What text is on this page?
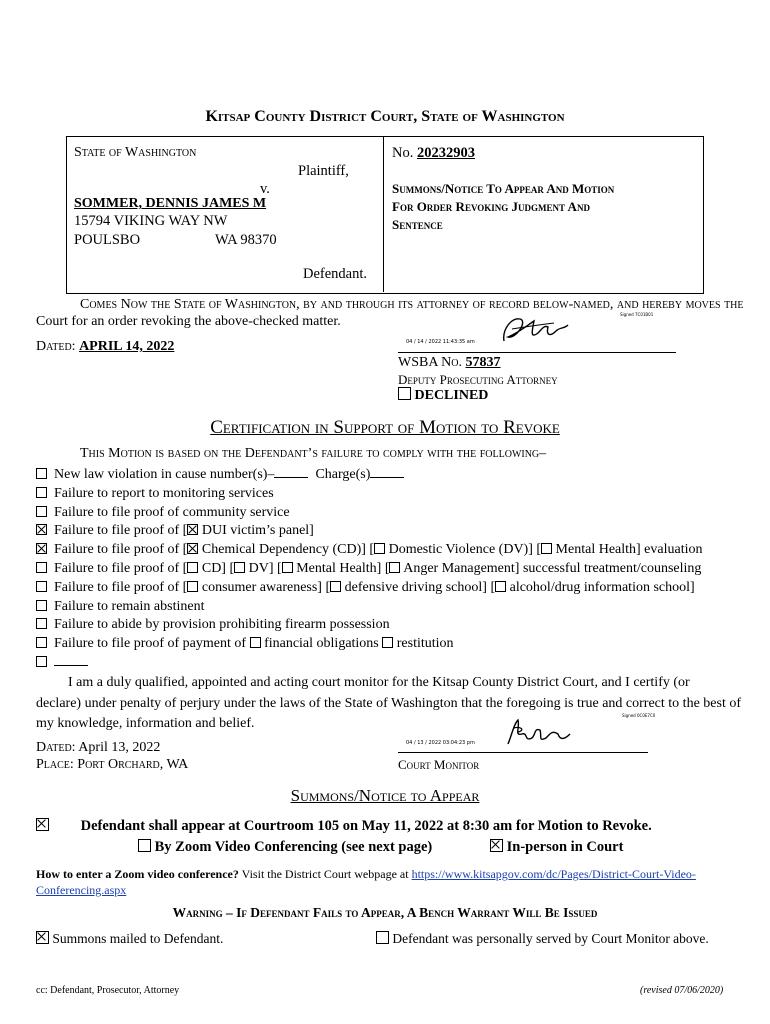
Kitsap County District Court, State of Washington
State of Washington
Plaintiff,
v.
SOMMER, DENNIS JAMES M
15794 VIKING WAY NW
POULSBO	WA 98370
Defendant.
No. 20232903
Summons/Notice To Appear And Motion
For Order Revoking Judgment And
Sentence
Comes Now the State of Washington, by and through its attorney of record below-named, and hereby moves the
Court for an order revoking the above-checked matter.
Dated: APRIL 14, 2022	04 / 14 / 2022 11:43:35 am
Signed 7C01B01
WSBA No. 57837
Deputy Prosecuting Attorney
DECLINED
Certification in Support of Motion to Revoke
This Motion is based on the Defendant’s failure to comply with the following–
New law violation in cause number(s)–  Charge(s)
Failure to report to monitoring services
Failure to file proof of community service
Failure to file proof of [ DUI victim’s panel]
Failure to file proof of [ Chemical Dependency (CD)] [ Domestic Violence (DV)] [ Mental Health] evaluation
Failure to file proof of [ CD] [ DV] [ Mental Health] [ Anger Management] successful treatment/counseling
Failure to file proof of [ consumer awareness] [ defensive driving school] [ alcohol/drug information school]
Failure to remain abstinent
Failure to abide by provision prohibiting firearm possession
Failure to file proof of payment of  financial obligations  restitution

I am a duly qualified, appointed and acting court monitor for the Kitsap County District Court, and I certify (or
declare) under penalty of perjury under the laws of the State of Washington that the foregoing is true and correct to the best of
my knowledge, information and belief.
Dated: April 13, 2022
Place: Port Orchard, WA
04 / 13 / 2022 03:04:23 pm
Signed 0C0E7C0
Court Monitor
Summons/Notice to Appear
Defendant shall appear at Courtroom 105 on May 11, 2022 at 8:30 am for Motion to Revoke.
By Zoom Video Conferencing (see next page)	In-person in Court
How to enter a Zoom video conference? Visit the District Court webpage at https://www.kitsapgov.com/dc/Pages/District-Court-Video-
Conferencing.aspx
Warning – If Defendant Fails to Appear, A Bench Warrant Will Be Issued
Summons mailed to Defendant.	Defendant was personally served by Court Monitor above.
cc: Defendant, Prosecutor, Attorney	(revised 07/06/2020)
